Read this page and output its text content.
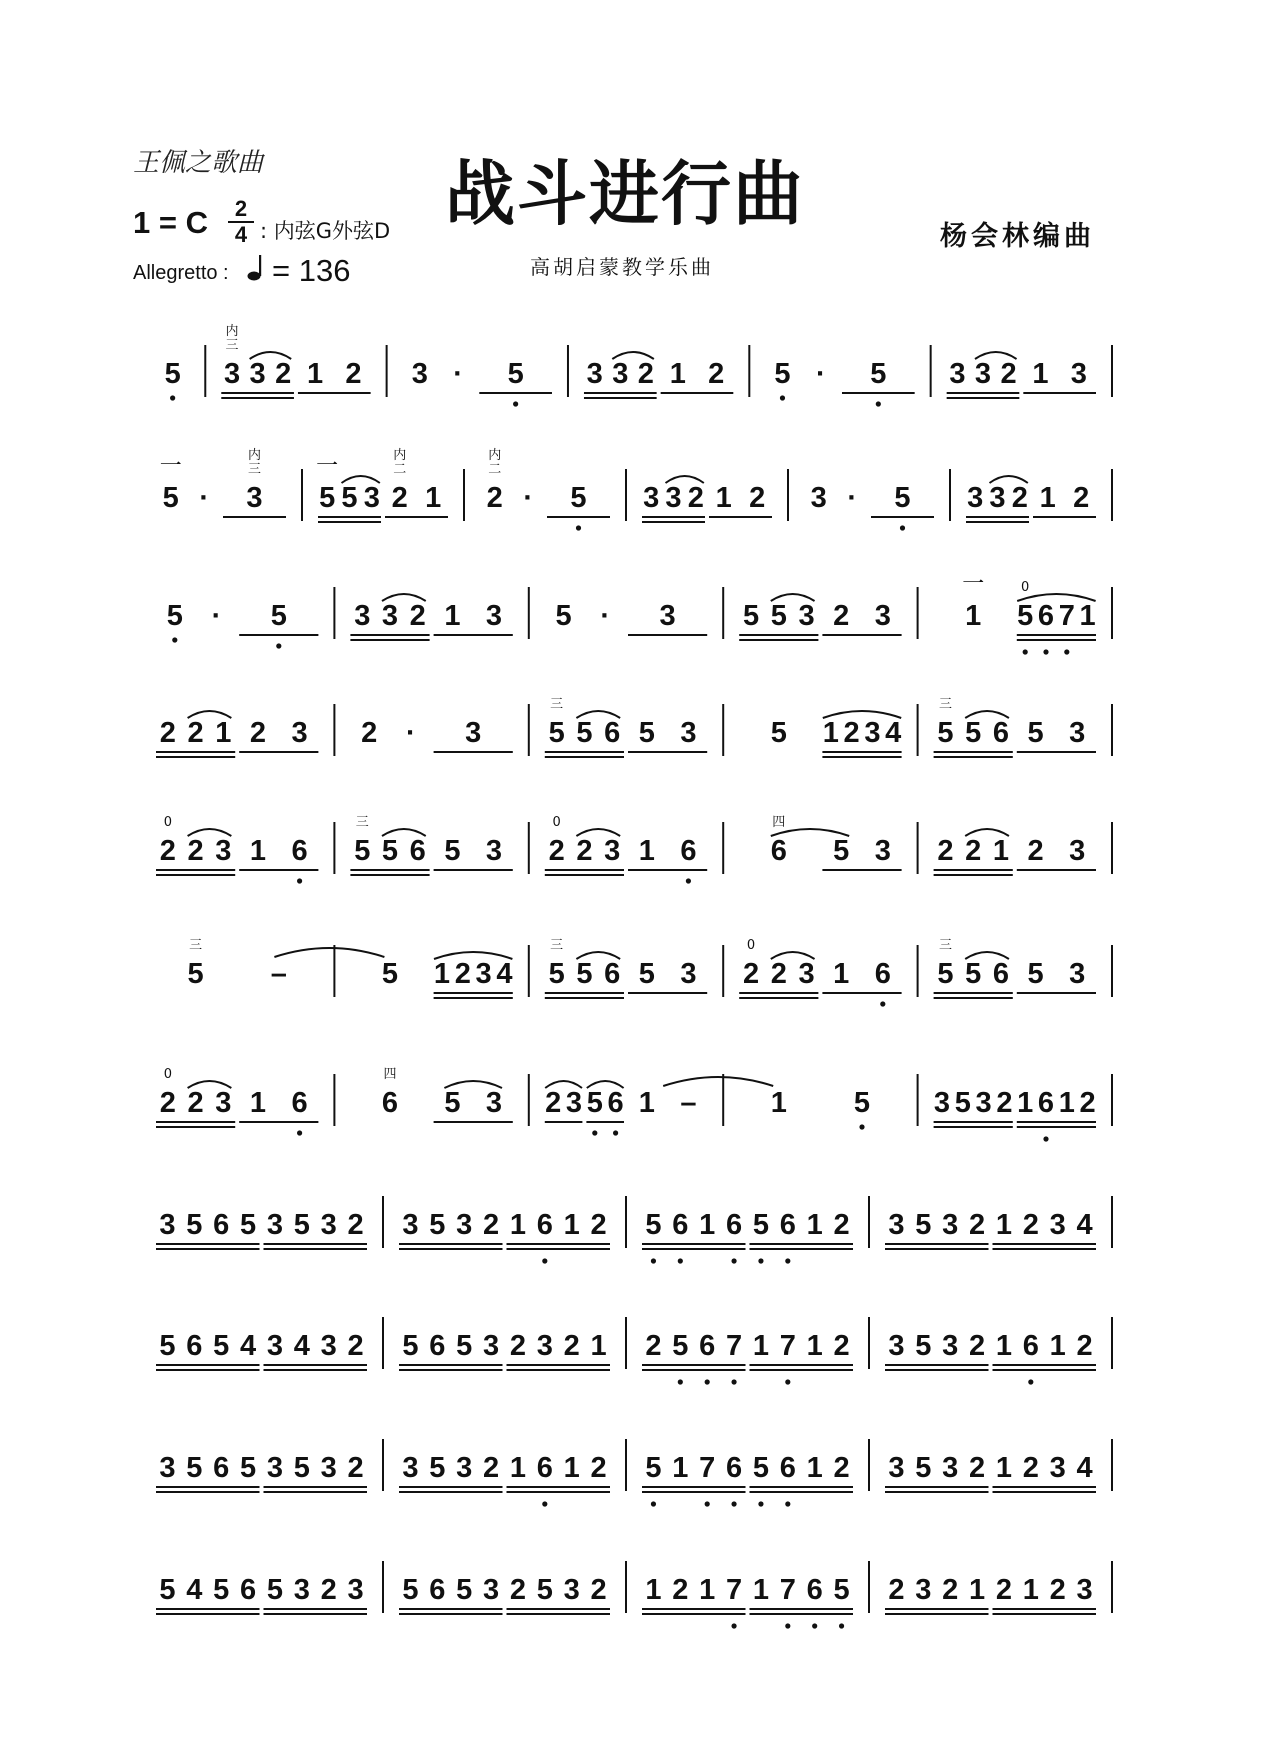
王佩之歌曲	战斗进行曲
1 = C	2
4 : 内弦G外弦D
Allegretto : = 136	高胡启蒙教学乐曲
杨会林编曲
5 3
三
内
3 2 1 2 3 · 5 3 3 2 1 2 5 · 5 3 3 2 1 3
5
一
· 3
三
内
5
一
5 3 2
二
内
1 2
二
内
· 5 3 3 2 1 2 3 · 5 3 3 2 1 2
5 · 5 3 3 2 1 3 5 · 3 5 5 3 2 3	1
一
5
0
6 7 1
2 2 1 2 3 2 · 3 5
三
5 6 5 3	5 1 2 3 4 5
三
5 6 5 3
2
0
2 3 1 6 5
三
5 6 5 3 2
0
2 3 1 6	6
四
5 3 2 2 1 2 3
5
三
–	5 1 2 3 4 5
三
5 6 5 3 2
0
2 3 1 6 5
三
5 6 5 3
2
0
2 3 1 6	6
四
5 3 2 3 5 6 1 –	1 5 3 5 3 2 1 6 1 2
3 5 6 5 3 5 3 2 3 5 3 2 1 6 1 2 5 6 1 6 5 6 1 2 3 5 3 2 1 2 3 4
5 6 5 4 3 4 3 2 5 6 5 3 2 3 2 1 2 5 6 7 1 7 1 2 3 5 3 2 1 6 1 2
3 5 6 5 3 5 3 2 3 5 3 2 1 6 1 2 5 1 7 6 5 6 1 2 3 5 3 2 1 2 3 4
5 4 5 6 5 3 2 3 5 6 5 3 2 5 3 2 1 2 1 7 1 7 6 5 2 3 2 1 2 1 2 3
